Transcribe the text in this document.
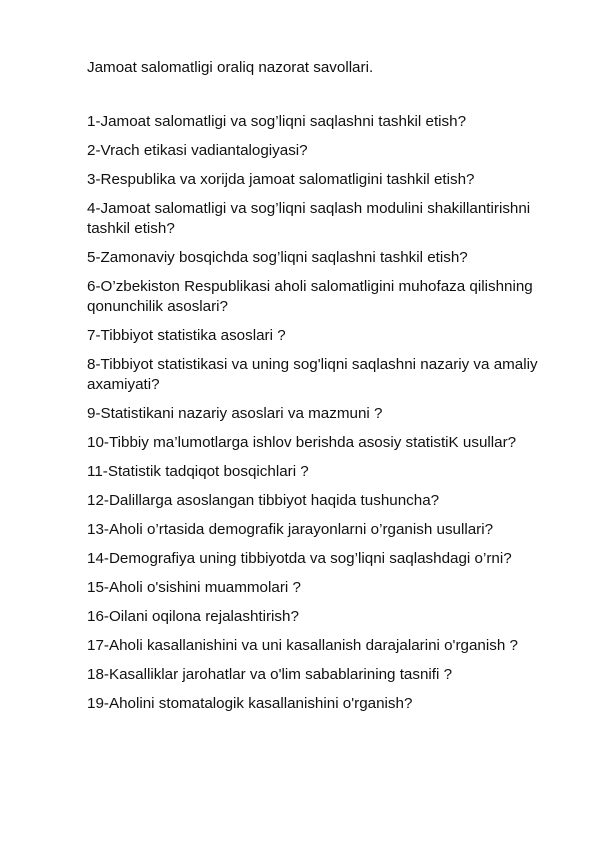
Jamoat salomatligi oraliq nazorat savollari.

1-Jamoat salomatligi va sog’liqni saqlashni tashkil etish?
2-Vrach etikasi vadiantalogiyasi?
3-Respublika va xorijda jamoat salomatligini tashkil etish?
4-Jamoat salomatligi va sog’liqni saqlash modulini shakillantirishni tashkil etish?
5-Zamonaviy bosqichda sog’liqni saqlashni tashkil etish?
6-O’zbekiston Respublikasi aholi salomatligini muhofaza qilishning qonunchilik asoslari?
7-Tibbiyot statistika asoslari ?
8-Tibbiyot statistikasi va uning sog'liqni saqlashni nazariy va amaliy axamiyati?
9-Statistikani nazariy asoslari va mazmuni ?
10-Tibbiy ma’lumotlarga ishlov berishda asosiy statistiK usullar?
11-Statistik tadqiqot bosqichlari ?
12-Dalillarga asoslangan tibbiyot haqida tushuncha?
13-Aholi o’rtasida demografik jarayonlarni o’rganish usullari?
14-Demografiya uning tibbiyotda va sog’liqni saqlashdagi o’rni?
15-Aholi o'sishini muammolari ?
16-Oilani oqilona rejalashtirish?
17-Aholi kasallanishini va uni kasallanish darajalarini o'rganish ?
18-Kasalliklar jarohatlar va o'lim sabablarining tasnifi ?
19-Aholini stomatalogik kasallanishini o'rganish?
